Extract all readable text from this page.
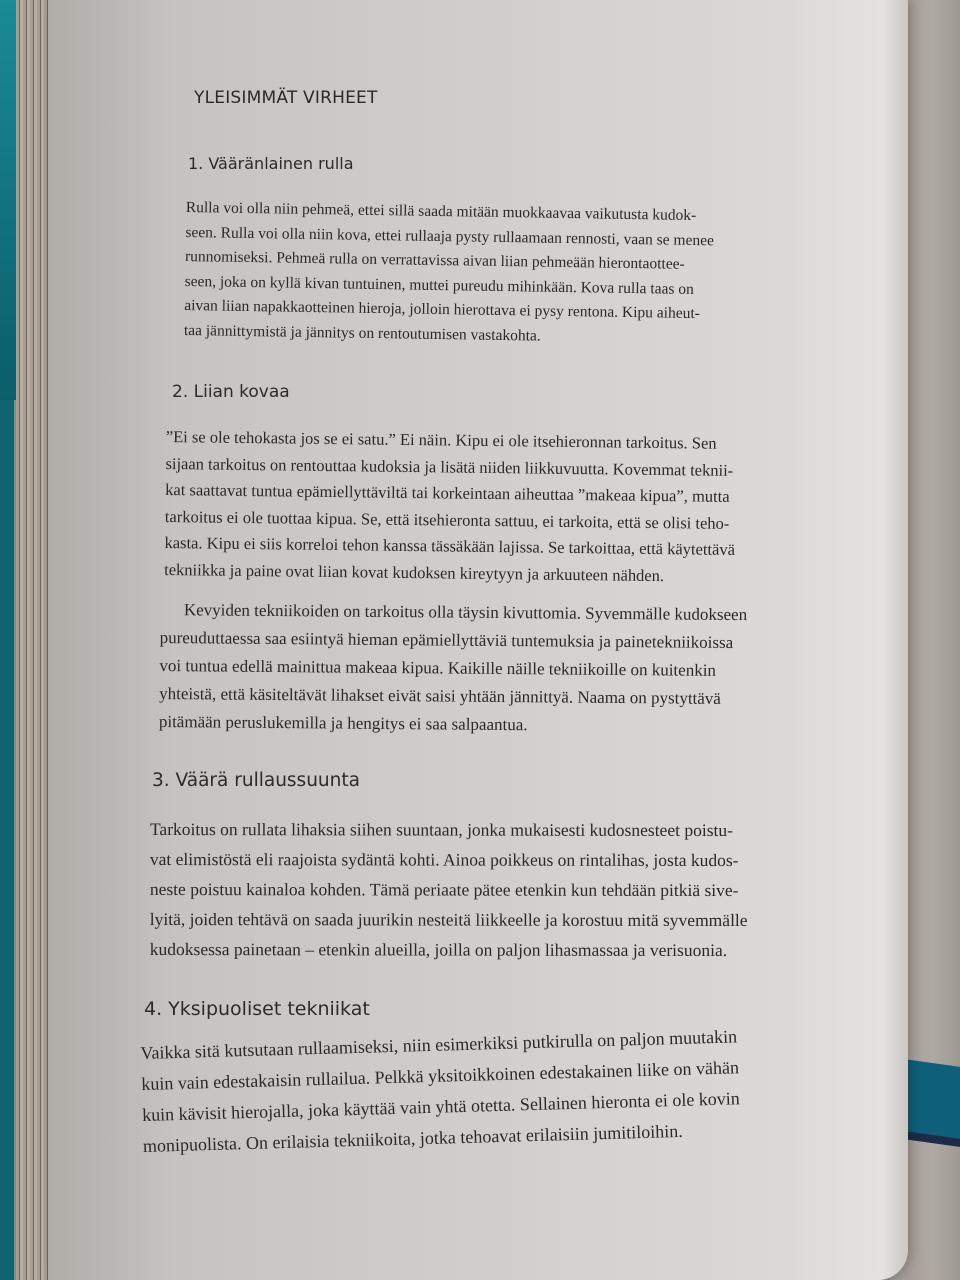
YLEISIMMÄT VIRHEET
1. Vääränlainen rulla
Rulla voi olla niin pehmeä, ettei sillä saada mitään muokkaavaa vaikutusta kudok-
seen. Rulla voi olla niin kova, ettei rullaaja pysty rullaamaan rennosti, vaan se menee
runnomiseksi. Pehmeä rulla on verrattavissa aivan liian pehmeään hierontaottee-
seen, joka on kyllä kivan tuntuinen, muttei pureudu mihinkään. Kova rulla taas on
aivan liian napakkaotteinen hieroja, jolloin hierottava ei pysy rentona. Kipu aiheut-
taa jännittymistä ja jännitys on rentoutumisen vastakohta.
2. Liian kovaa
”Ei se ole tehokasta jos se ei satu.” Ei näin. Kipu ei ole itsehieronnan tarkoitus. Sen
sijaan tarkoitus on rentouttaa kudoksia ja lisätä niiden liikkuvuutta. Kovemmat teknii-
kat saattavat tuntua epämiellyttäviltä tai korkeintaan aiheuttaa ”makeaa kipua”, mutta
tarkoitus ei ole tuottaa kipua. Se, että itsehieronta sattuu, ei tarkoita, että se olisi teho-
kasta. Kipu ei siis korreloi tehon kanssa tässäkään lajissa. Se tarkoittaa, että käytettävä
tekniikka ja paine ovat liian kovat kudoksen kireytyyn ja arkuuteen nähden.
Kevyiden tekniikoiden on tarkoitus olla täysin kivuttomia. Syvemmälle kudokseen
pureuduttaessa saa esiintyä hieman epämiellyttäviä tuntemuksia ja painetekniikoissa
voi tuntua edellä mainittua makeaa kipua. Kaikille näille tekniikoille on kuitenkin
yhteistä, että käsiteltävät lihakset eivät saisi yhtään jännittyä. Naama on pystyttävä
pitämään peruslukemilla ja hengitys ei saa salpaantua.
3. Väärä rullaussuunta
Tarkoitus on rullata lihaksia siihen suuntaan, jonka mukaisesti kudosnesteet poistu-
vat elimistöstä eli raajoista sydäntä kohti. Ainoa poikkeus on rintalihas, josta kudos-
neste poistuu kainaloa kohden. Tämä periaate pätee etenkin kun tehdään pitkiä sive-
lyitä, joiden tehtävä on saada juurikin nesteitä liikkeelle ja korostuu mitä syvemmälle
kudoksessa painetaan – etenkin alueilla, joilla on paljon lihasmassaa ja verisuonia.
4. Yksipuoliset tekniikat
Vaikka sitä kutsutaan rullaamiseksi, niin esimerkiksi putkirulla on paljon muutakin
kuin vain edestakaisin rullailua. Pelkkä yksitoikkoinen edestakainen liike on vähän
kuin kävisit hierojalla, joka käyttää vain yhtä otetta. Sellainen hieronta ei ole kovin
monipuolista. On erilaisia tekniikoita, jotka tehoavat erilaisiin jumitiloihin.
